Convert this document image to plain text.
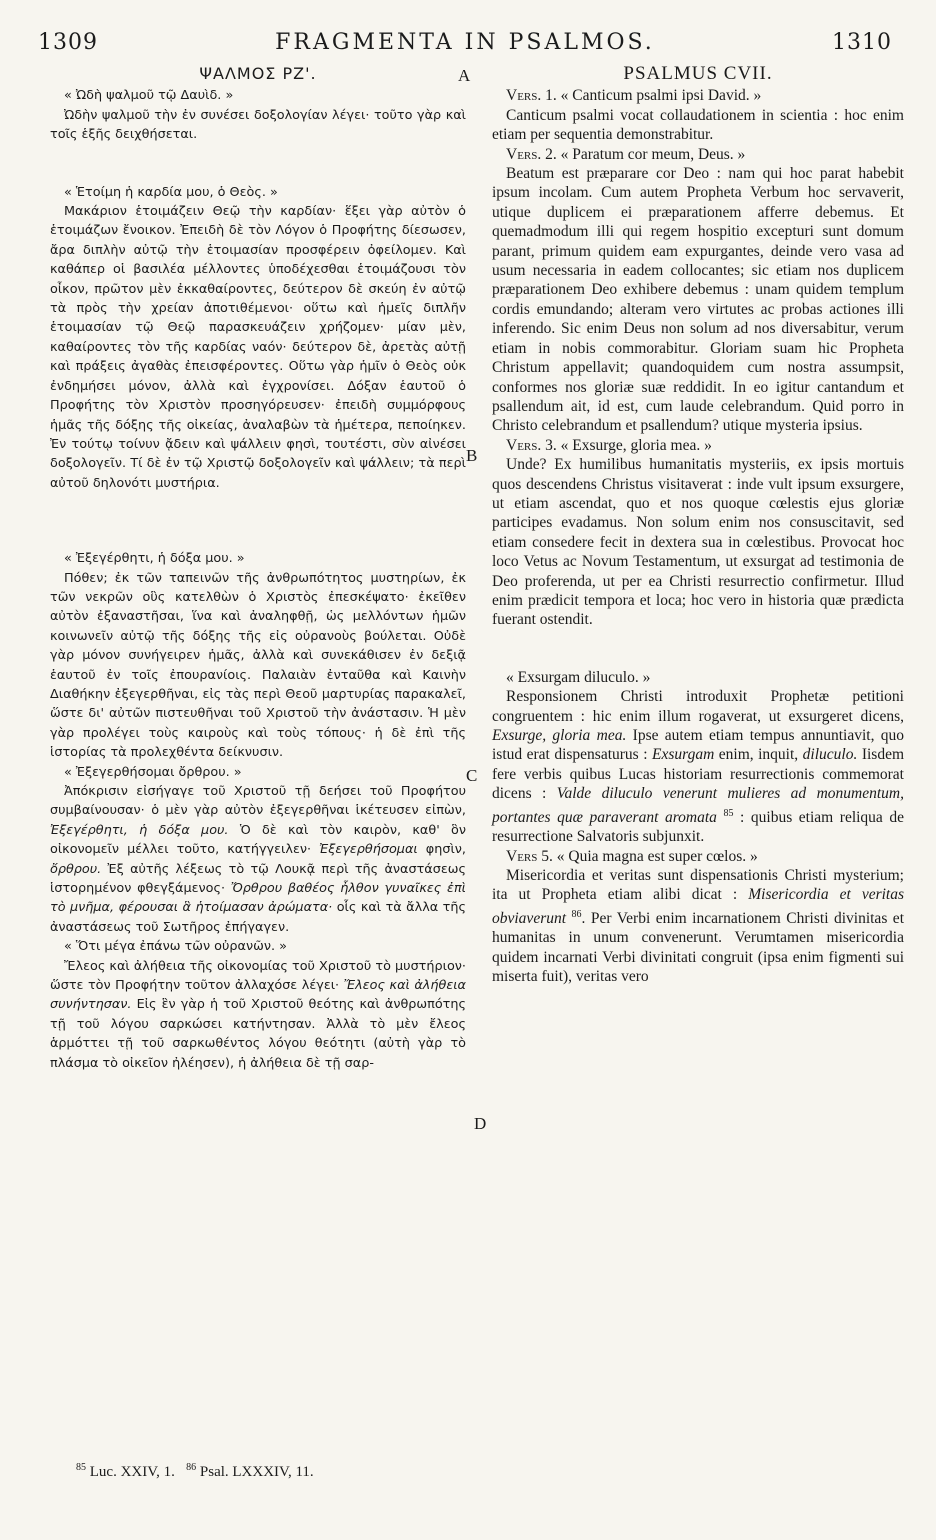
1309	FRAGMENTA IN PSALMOS.	1310
A
B
C
D
ΨΑΛΜΟΣ ΡΖ'.

« Ὠδὴ ψαλμοῦ τῷ Δαυὶδ. »

Ὠδὴν ψαλμοῦ τὴν ἐν συνέσει δοξολογίαν λέγει· τοῦτο γὰρ καὶ τοῖς ἑξῆς δειχθήσεται.

« Ἑτοίμη ἡ καρδία μου, ὁ Θεὸς. »

Μακάριον ἑτοιμάζειν Θεῷ τὴν καρδίαν· ἕξει γὰρ αὐτὸν ὁ ἑτοιμάζων ἔνοικον. Ἐπειδὴ δὲ τὸν Λόγον ὁ Προφήτης δίεσωσεν, ἄρα διπλὴν αὐτῷ τὴν ἑτοιμασίαν προσφέρειν ὀφείλομεν. Καὶ καθάπερ οἱ βασιλέα μέλλοντες ὑποδέχεσθαι ἑτοιμάζουσι τὸν οἶκον, πρῶτον μὲν ἐκκαθαίροντες, δεύτερον δὲ σκεύη ἐν αὐτῷ τὰ πρὸς τὴν χρείαν ἀποτιθέμενοι· οὕτω καὶ ἡμεῖς διπλῆν ἑτοιμασίαν τῷ Θεῷ παρασκευάζειν χρήζομεν· μίαν μὲν, καθαίροντες τὸν τῆς καρδίας ναόν· δεύτερον δὲ, ἀρετὰς αὐτῇ καὶ πράξεις ἀγαθὰς ἐπεισφέροντες. Οὕτω γὰρ ἡμῖν ὁ Θεὸς οὐκ ἐνδημήσει μόνον, ἀλλὰ καὶ ἐγχρονίσει. Δόξαν ἑαυτοῦ ὁ Προφήτης τὸν Χριστὸν προσηγόρευσεν· ἐπειδὴ συμμόρφους ἡμᾶς τῆς δόξης τῆς οἰκείας, ἀναλαβὼν τὰ ἡμέτερα, πεποίηκεν. Ἐν τούτῳ τοίνυν ᾄδειν καὶ ψάλλειν φησὶ, τουτέστι, σὺν αἰνέσει δοξολογεῖν. Τί δὲ ἐν τῷ Χριστῷ δοξολογεῖν καὶ ψάλλειν; τὰ περὶ αὐτοῦ δηλονότι μυστήρια.

« Ἐξεγέρθητι, ἡ δόξα μου. »

Πόθεν; ἐκ τῶν ταπεινῶν τῆς ἀνθρωπότητος μυστηρίων, ἐκ τῶν νεκρῶν οὓς κατελθὼν ὁ Χριστὸς ἐπεσκέψατο· ἐκεῖθεν αὐτὸν ἐξαναστῆσαι, ἵνα καὶ ἀναληφθῇ, ὡς μελλόντων ἡμῶν κοινωνεῖν αὐτῷ τῆς δόξης τῆς εἰς οὐρανοὺς βούλεται. Οὐδὲ γὰρ μόνον συνήγειρεν ἡμᾶς, ἀλλὰ καὶ συνεκάθισεν ἐν δεξιᾷ ἑαυτοῦ ἐν τοῖς ἐπουρανίοις. Παλαιὰν ἐνταῦθα καὶ Καινὴν Διαθήκην ἐξεγερθῆναι, εἰς τὰς περὶ Θεοῦ μαρτυρίας παρακαλεῖ, ὥστε δι' αὐτῶν πιστευθῆναι τοῦ Χριστοῦ τὴν ἀνάστασιν. Ἡ μὲν γὰρ προλέγει τοὺς καιροὺς καὶ τοὺς τόπους· ἡ δὲ ἐπὶ τῆς ἱστορίας τὰ προλεχθέντα δείκνυσιν.

« Ἐξεγερθήσομαι ὄρθρου. »

Ἀπόκρισιν εἰσήγαγε τοῦ Χριστοῦ τῇ δεήσει τοῦ Προφήτου συμβαίνουσαν· ὁ μὲν γὰρ αὐτὸν ἐξεγερθῆναι ἱκέτευσεν εἰπὼν, Ἐξεγέρθητι, ἡ δόξα μου. Ὁ δὲ καὶ τὸν καιρὸν, καθ' ὃν οἰκονομεῖν μέλλει τοῦτο, κατήγγειλεν· Ἐξεγερθήσομαι φησὶν, ὄρθρου. Ἐξ αὐτῆς λέξεως τὸ τῷ Λουκᾷ περὶ τῆς ἀναστάσεως ἱστορημένον φθεγξάμενος· Ὄρθρου βαθέος ἦλθον γυναῖκες ἐπὶ τὸ μνῆμα, φέρουσαι ἃ ἡτοίμασαν ἀρώματα· οἷς καὶ τὰ ἄλλα τῆς ἀναστάσεως τοῦ Σωτῆρος ἐπήγαγεν.

« Ὅτι μέγα ἐπάνω τῶν οὐρανῶν. »

Ἔλεος καὶ ἀλήθεια τῆς οἰκονομίας τοῦ Χριστοῦ τὸ μυστήριον· ὥστε τὸν Προφήτην τοῦτον ἀλλαχόσε λέγει· Ἔλεος καὶ ἀλήθεια συνήντησαν. Εἰς ἓν γὰρ ἡ τοῦ Χριστοῦ θεότης καὶ ἀνθρωπότης τῇ τοῦ λόγου σαρκώσει κατήντησαν. Ἀλλὰ τὸ μὲν ἔλεος ἁρμόττει τῇ τοῦ σαρκωθέντος λόγου θεότητι (αὐτὴ γὰρ τὸ πλάσμα τὸ οἰκεῖον ἠλέησεν), ἡ ἀλήθεια δὲ τῇ σαρ-

PSALMUS CVII.

Vers. 1. « Canticum psalmi ipsi David. »

Canticum psalmi vocat collaudationem in scientia : hoc enim etiam per sequentia demonstrabitur.

Vers. 2. « Paratum cor meum, Deus. »

Beatum est præparare cor Deo : nam qui hoc parat habebit ipsum incolam. Cum autem Propheta Verbum hoc servaverit, utique duplicem ei præparationem afferre debemus. Et quemadmodum illi qui regem hospitio excepturi sunt domum parant, primum quidem eam expurgantes, deinde vero vasa ad usum necessaria in eadem collocantes; sic etiam nos duplicem præparationem Deo exhibere debemus : unam quidem templum cordis emundando; alteram vero virtutes ac probas actiones illi inferendo. Sic enim Deus non solum ad nos diversabitur, verum etiam in nobis commorabitur. Gloriam suam hic Propheta Christum appellavit; quandoquidem cum nostra assumpsit, conformes nos gloriæ suæ reddidit. In eo igitur cantandum et psallendum ait, id est, cum laude celebrandum. Quid porro in Christo celebrandum et psallendum? utique mysteria ipsius.

Vers. 3. « Exsurge, gloria mea. »

Unde? Ex humilibus humanitatis mysteriis, ex ipsis mortuis quos descendens Christus visitaverat : inde vult ipsum exsurgere, ut etiam ascendat, quo et nos quoque cœlestis ejus gloriæ participes evadamus. Non solum enim nos consuscitavit, sed etiam consedere fecit in dextera sua in cœlestibus. Provocat hoc loco Vetus ac Novum Testamentum, ut exsurgat ad testimonia de Deo proferenda, ut per ea Christi resurrectio confirmetur. Illud enim prædicit tempora et loca; hoc vero in historia quæ prædicta fuerant ostendit.

« Exsurgam diluculo. »

Responsionem Christi introduxit Prophetæ petitioni congruentem : hic enim illum rogaverat, ut exsurgeret dicens, Exsurge, gloria mea. Ipse autem etiam tempus annuntiavit, quo istud erat dispensaturus : Exsurgam enim, inquit, diluculo. Iisdem fere verbis quibus Lucas historiam resurrectionis commemorat dicens : Valde diluculo venerunt mulieres ad monumentum, portantes quæ paraverant aromata $^{85}$ : quibus etiam reliqua de resurrectione Salvatoris subjunxit.

Vers 5. « Quia magna est super cœlos. »

Misericordia et veritas sunt dispensationis Christi mysterium; ita ut Propheta etiam alibi dicat : Misericordia et veritas obviaverunt $^{86}$. Per Verbi enim incarnationem Christi divinitas et humanitas in unum convenerunt. Verumtamen misericordia quidem incarnati Verbi divinitati congruit (ipsa enim figmenti sui miserta fuit), veritas vero

$^{85}$ Luc. XXIV, 1. $^{86}$ Psal. LXXXIV, 11.
